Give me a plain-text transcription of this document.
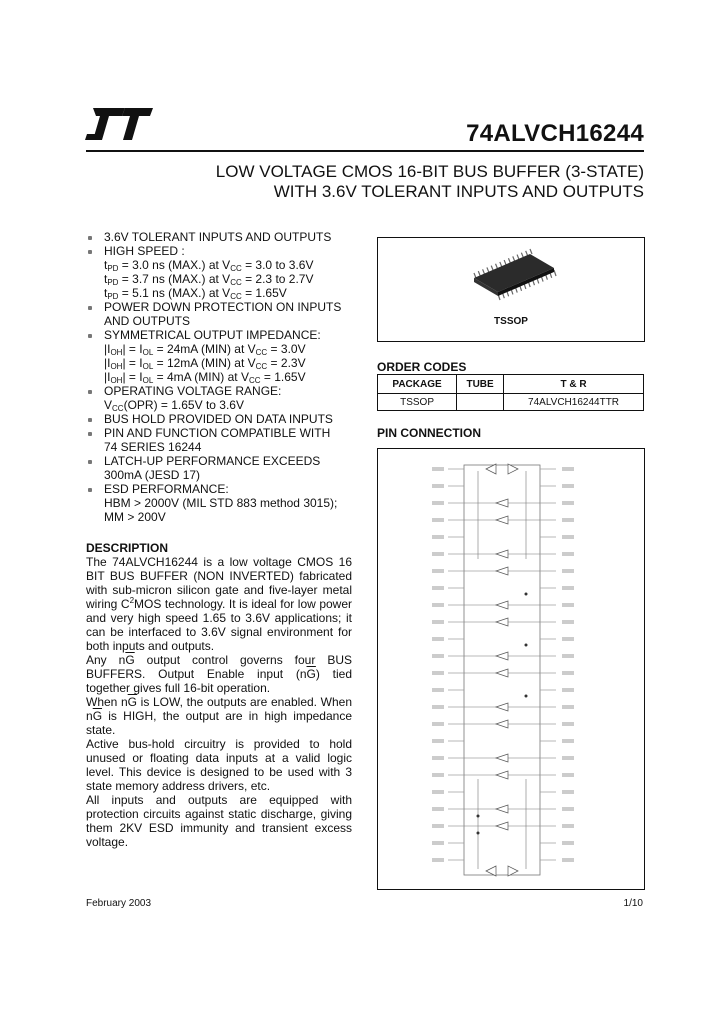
74ALVCH16244
LOW VOLTAGE CMOS 16-BIT BUS BUFFER (3-STATE)
WITH 3.6V TOLERANT INPUTS AND OUTPUTS
3.6V TOLERANT INPUTS AND OUTPUTS
HIGH SPEED :
$t_{PD} = 3.0$ ns (MAX.) at $V_{CC} = 3.0$ to 3.6V
$t_{PD} = 3.7$ ns (MAX.) at $V_{CC} = 2.3$ to 2.7V
$t_{PD} = 5.1$ ns (MAX.) at $V_{CC} = 1.65V$
POWER DOWN PROTECTION ON INPUTS
AND OUTPUTS
SYMMETRICAL OUTPUT IMPEDANCE:
$|I_{OH}| = I_{OL} = 24mA$ (MIN) at $V_{CC} = 3.0V$
$|I_{OH}| = I_{OL} = 12mA$ (MIN) at $V_{CC} = 2.3V$
$|I_{OH}| = I_{OL} = 4mA$ (MIN) at $V_{CC} = 1.65V$
OPERATING VOLTAGE RANGE:
$V_{CC}(OPR) = 1.65V$ to 3.6V
BUS HOLD PROVIDED ON DATA INPUTS
PIN AND FUNCTION COMPATIBLE WITH
74 SERIES 16244
LATCH-UP PERFORMANCE EXCEEDS
300mA (JESD 17)
ESD PERFORMANCE:
HBM > 2000V (MIL STD 883 method 3015);
MM > 200V
DESCRIPTION

The 74ALVCH16244 is a low voltage CMOS 16 BIT BUS BUFFER (NON INVERTED) fabricated with sub-micron silicon gate and five-layer metal wiring $C^2MOS$ technology. It is ideal for low power and very high speed 1.65 to 3.6V applications; it can be interfaced to 3.6V signal environment for both inputs and outputs.

Any $n\overline{G}$ output control governs four BUS BUFFERS. Output Enable input $(n\overline{G})$ tied together gives full 16-bit operation.

When $n\overline{G}$ is LOW, the outputs are enabled. When $n\overline{G}$ is HIGH, the output are in high impedance state.

Active bus-hold circuitry is provided to hold unused or floating data inputs at a valid logic level. This device is designed to be used with 3 state memory address drivers, etc.

All inputs and outputs are equipped with protection circuits against static discharge, giving them 2KV ESD immunity and transient excess voltage.

TSSOP
ORDER CODES
PACKAGE	TUBE	T & R
TSSOP		74ALVCH16244TTR
PIN CONNECTION
February 2003	1/10
